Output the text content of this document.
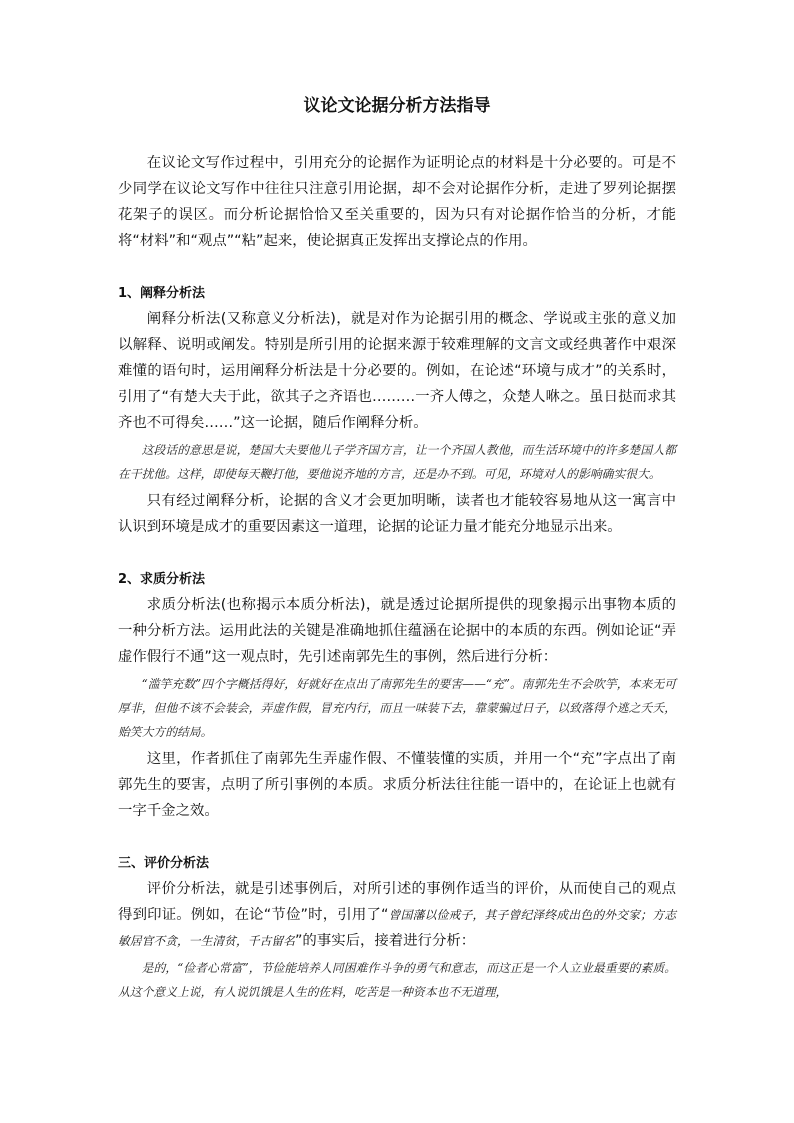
议论文论据分析方法指导

在议论文写作过程中，引用充分的论据作为证明论点的材料是十分必要的。可是不少同学在议论文写作中往往只注意引用论据，却不会对论据作分析，走进了罗列论据摆花架子的误区。而分析论据恰恰又至关重要的，因为只有对论据作恰当的分析，才能将“材料”和“观点”“粘”起来，使论据真正发挥出支撑论点的作用。

1、阐释分析法

阐释分析法(又称意义分析法)，就是对作为论据引用的概念、学说或主张的意义加以解释、说明或阐发。特别是所引用的论据来源于较难理解的文言文或经典著作中艰深难懂的语句时，运用阐释分析法是十分必要的。例如，在论述“环境与成才”的关系时，引用了“有楚大夫于此，欲其子之齐语也………一齐人傅之，众楚人咻之。虽日挞而求其齐也不可得矣……”这一论据，随后作阐释分析。

这段话的意思是说，楚国大夫要他儿子学齐国方言，让一个齐国人教他，而生活环境中的许多楚国人都在干扰他。这样，即使每天鞭打他，要他说齐地的方言，还是办不到。可见，环境对人的影响确实很大。

只有经过阐释分析，论据的含义才会更加明晰，读者也才能较容易地从这一寓言中认识到环境是成才的重要因素这一道理，论据的论证力量才能充分地显示出来。

2、求质分析法

求质分析法(也称揭示本质分析法)，就是透过论据所提供的现象揭示出事物本质的一种分析方法。运用此法的关键是准确地抓住蕴涵在论据中的本质的东西。例如论证“弄虚作假行不通”这一观点时，先引述南郭先生的事例，然后进行分析：

“滥竽充数”四个字概括得好，好就好在点出了南郭先生的要害——“充”。南郭先生不会吹竽，本来无可厚非，但他不该不会装会，弄虚作假，冒充内行，而且一味装下去，靠蒙骗过日子，以致落得个逃之夭夭，贻笑大方的结局。

这里，作者抓住了南郭先生弄虚作假、不懂装懂的实质，并用一个“充”字点出了南郭先生的要害，点明了所引事例的本质。求质分析法往往能一语中的，在论证上也就有一字千金之效。

三、评价分析法

评价分析法，就是引述事例后，对所引述的事例作适当的评价，从而使自己的观点得到印证。例如，在论“节俭”时，引用了“曾国藩以俭戒子，其子曾纪泽终成出色的外交家；方志敏居官不贪，一生清贫，千古留名”的事实后，接着进行分析：

是的，“俭者心常富”，节俭能培养人同困难作斗争的勇气和意志，而这正是一个人立业最重要的素质。从这个意义上说，有人说饥饿是人生的佐料，吃苦是一种资本也不无道理，
